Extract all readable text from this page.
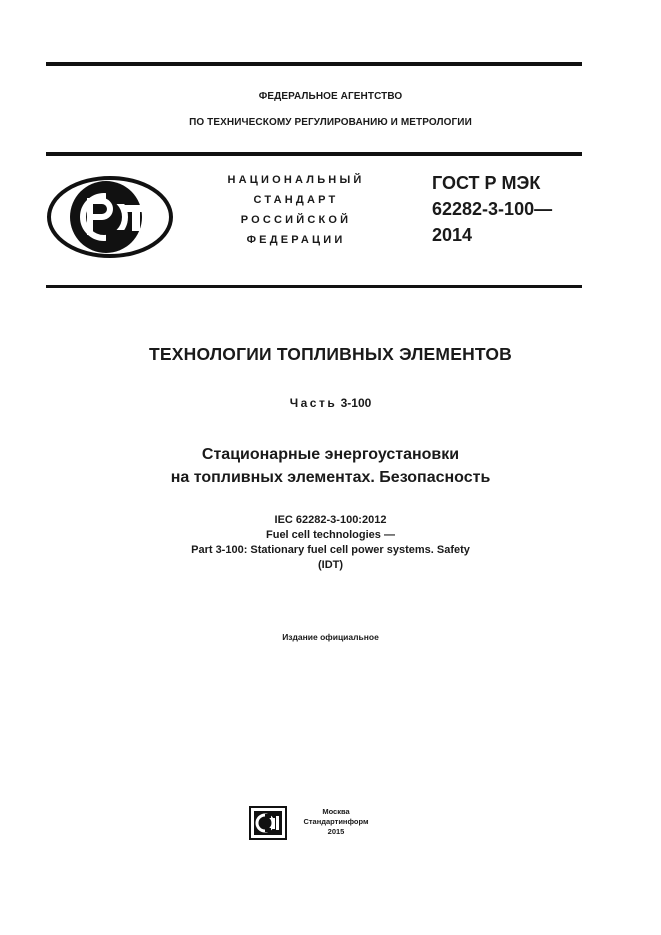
ФЕДЕРАЛЬНОЕ АГЕНТСТВО
ПО ТЕХНИЧЕСКОМУ РЕГУЛИРОВАНИЮ И МЕТРОЛОГИИ
НАЦИОНАЛЬНЫЙ
СТАНДАРТ
РОССИЙСКОЙ
ФЕДЕРАЦИИ
ГОСТ Р МЭК
62282-3-100—
2014
ТЕХНОЛОГИИ ТОПЛИВНЫХ ЭЛЕМЕНТОВ
Часть 3-100
Стационарные энергоустановки
на топливных элементах. Безопасность
IEC 62282-3-100:2012
Fuel cell technologies —
Part 3-100: Stationary fuel cell power systems. Safety
(IDT)
Издание официальное
Москва
Стандартинформ
2015
